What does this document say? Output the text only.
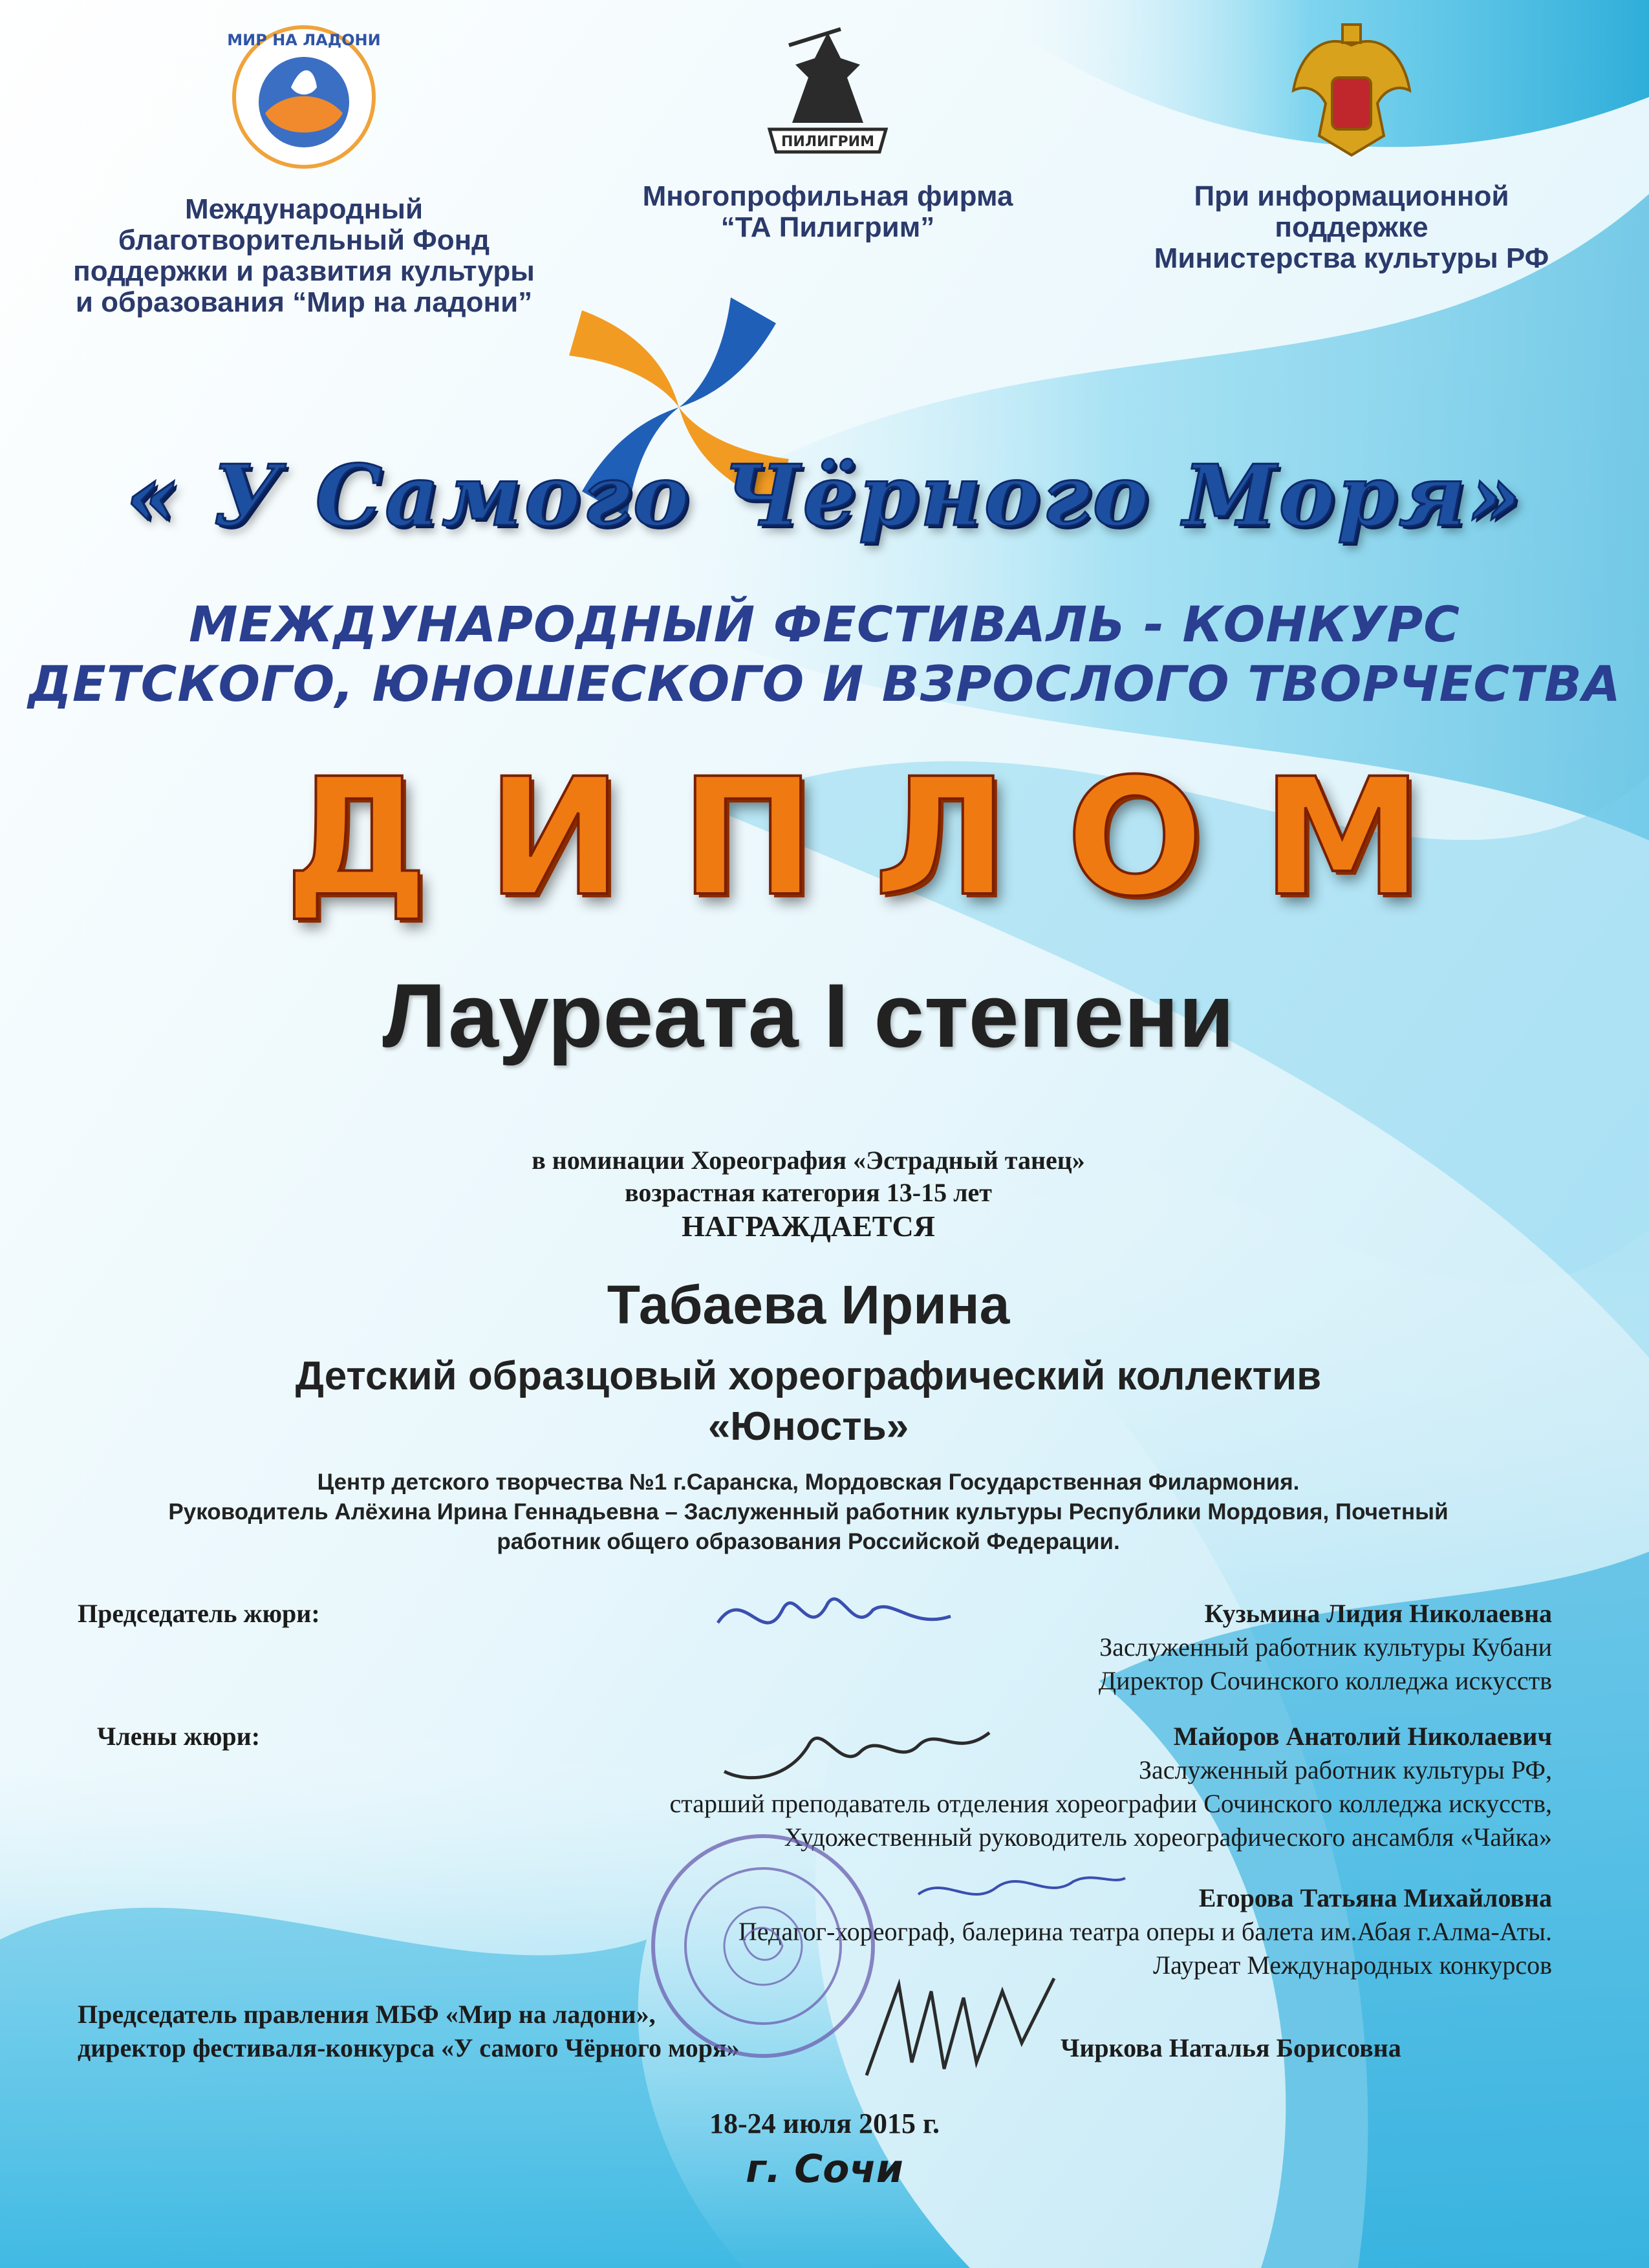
МИР НА ЛАДОНИ
Международный
благотворительный Фонд
поддержки и развития культуры
и образования “Мир на ладони”
ПИЛИГРИМ
Многопрофильная фирма
“ТА Пилигрим”
При информационной
поддержке
Министерства культуры РФ
« У Самого Чёрного Моря»
МЕЖДУНАРОДНЫЙ ФЕСТИВАЛЬ - КОНКУРС
ДЕТСКОГО, ЮНОШЕСКОГО И ВЗРОСЛОГО ТВОРЧЕСТВА
ДИПЛОМ
Лауреата I степени
в номинации Хореография «Эстрадный танец»
возрастная категория 13-15 лет
НАГРАЖДАЕТСЯ
Табаева Ирина
Детский образцовый хореографический коллектив
«Юность»
Центр детского творчества №1 г.Саранска, Мордовская Государственная Филармония.
Руководитель Алёхина Ирина Геннадьевна – Заслуженный работник культуры Республики Мордовия, Почетный
работник общего образования Российской Федерации.
Председатель жюри:	Кузьмина Лидия Николаевна
Заслуженный работник культуры Кубани
Директор Сочинского колледжа искусств
Члены жюри:	Майоров Анатолий Николаевич
Заслуженный работник культуры РФ,
старший преподаватель отделения хореографии Сочинского колледжа искусств,
Художественный руководитель хореографического ансамбля «Чайка»
Егорова Татьяна Михайловна
Педагог-хореограф, балерина театра оперы и балета им.Абая г.Алма-Аты.
Лауреат Международных конкурсов
Председатель правления МБФ «Мир на ладони»,
директор фестиваля-конкурса «У самого Чёрного моря»	Чиркова Наталья Борисовна
18-24 июля 2015 г.
г. Сочи
